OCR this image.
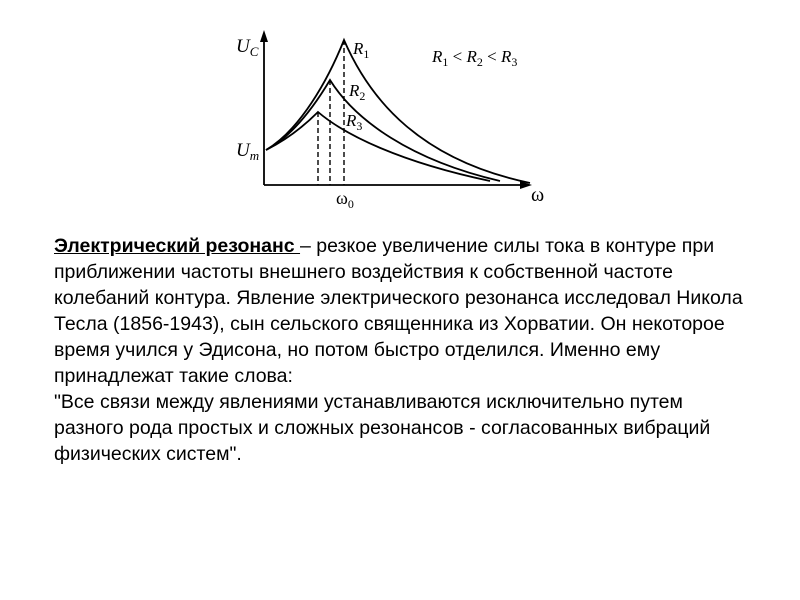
$U_C$
$U_m$
ω
$\omega_0$
$R_1$
$R_2$
$R_3$
$R_1 < R_2 < R_3$

Электрический резонанс – резкое увеличение силы тока в контуре при приближении частоты внешнего воздействия к собственной частоте колебаний контура. Явление электрического резонанса исследовал Никола Тесла (1856-1943), сын сельского священника из Хорватии. Он некоторое время учился у Эдисона, но потом быстро отделился. Именно ему принадлежат такие слова:

"Все связи между явлениями устанавливаются исключительно путем разного рода простых и сложных резонансов - согласованных вибраций физических систем".
